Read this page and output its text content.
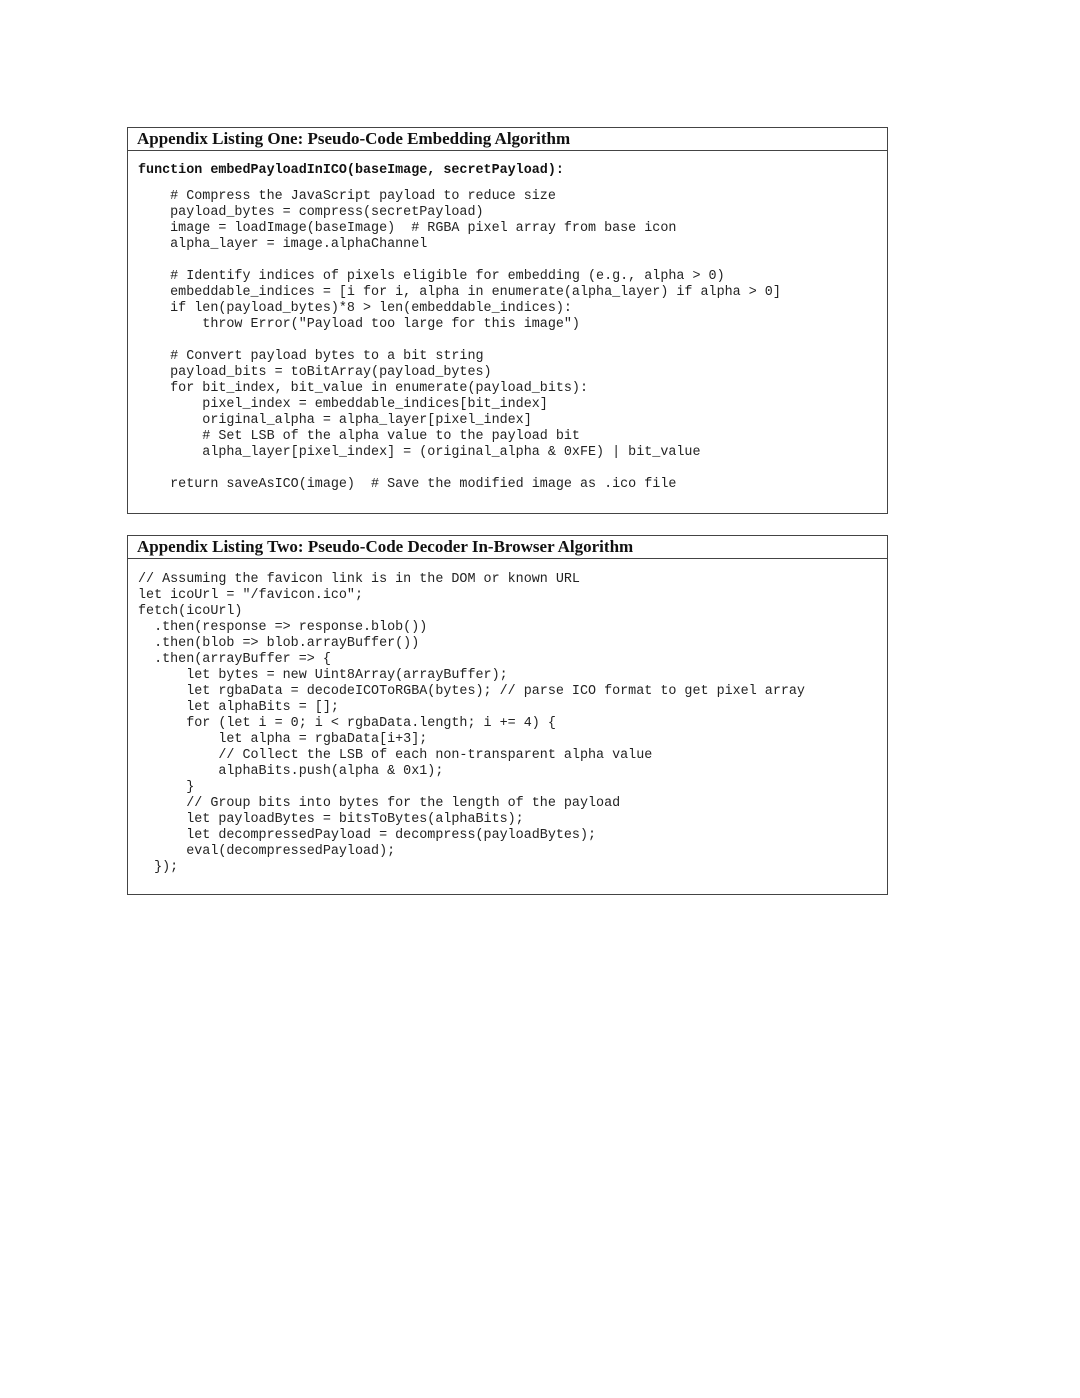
Appendix Listing One: Pseudo-Code Embedding Algorithm
function embedPayloadInICO(baseImage, secretPayload):
# Compress the JavaScript payload to reduce size
payload_bytes = compress(secretPayload)
image = loadImage(baseImage)  # RGBA pixel array from base icon
alpha_layer = image.alphaChannel
# Identify indices of pixels eligible for embedding (e.g., alpha > 0)
embeddable_indices = [i for i, alpha in enumerate(alpha_layer) if alpha > 0]
if len(payload_bytes)*8 > len(embeddable_indices):
throw Error("Payload too large for this image")
# Convert payload bytes to a bit string
payload_bits = toBitArray(payload_bytes)
for bit_index, bit_value in enumerate(payload_bits):
pixel_index = embeddable_indices[bit_index]
original_alpha = alpha_layer[pixel_index]
# Set LSB of the alpha value to the payload bit
alpha_layer[pixel_index] = (original_alpha & 0xFE) | bit_value
return saveAsICO(image)  # Save the modified image as .ico file
Appendix Listing Two: Pseudo-Code Decoder In-Browser Algorithm
// Assuming the favicon link is in the DOM or known URL
let icoUrl = "/favicon.ico";
fetch(icoUrl)
.then(response => response.blob())
.then(blob => blob.arrayBuffer())
.then(arrayBuffer => {
let bytes = new Uint8Array(arrayBuffer);
let rgbaData = decodeICOToRGBA(bytes); // parse ICO format to get pixel array
let alphaBits = [];
for (let i = 0; i < rgbaData.length; i += 4) {
let alpha = rgbaData[i+3];
// Collect the LSB of each non-transparent alpha value
alphaBits.push(alpha & 0x1);
}
// Group bits into bytes for the length of the payload
let payloadBytes = bitsToBytes(alphaBits);
let decompressedPayload = decompress(payloadBytes);
eval(decompressedPayload);
});
